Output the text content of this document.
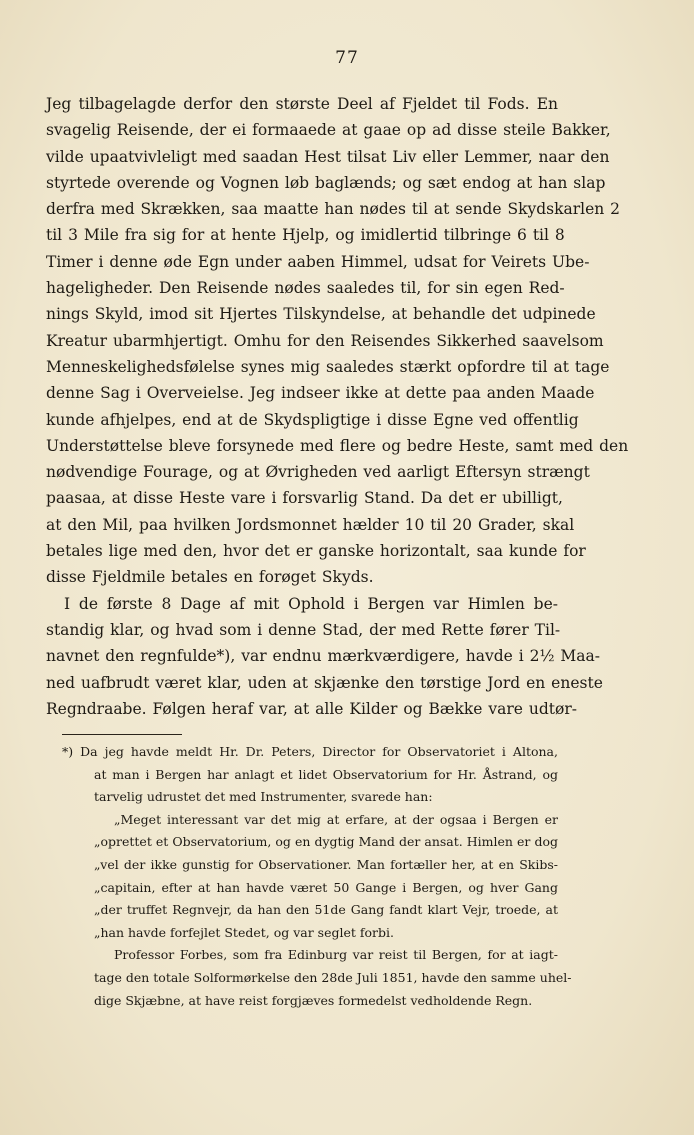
77
Jeg tilbagelagde derfor den største Deel af Fjeldet til Fods. En
svagelig Reisende, der ei formaaede at gaae op ad disse steile Bakker,
vilde upaatvivleligt med saadan Hest tilsat Liv eller Lemmer, naar den
styrtede overende og Vognen løb baglænds; og sæt endog at han slap
derfra med Skrækken, saa maatte han nødes til at sende Skydskarlen 2
til 3 Mile fra sig for at hente Hjelp, og imidlertid tilbringe 6 til 8
Timer i denne øde Egn under aaben Himmel, udsat for Veirets Ube-
hageligheder. Den Reisende nødes saaledes til, for sin egen Red-
nings Skyld, imod sit Hjertes Tilskyndelse, at behandle det udpinede
Kreatur ubarmhjertigt. Omhu for den Reisendes Sikkerhed saavelsom
Menneskelighedsfølelse synes mig saaledes stærkt opfordre til at tage
denne Sag i Overveielse. Jeg indseer ikke at dette paa anden Maade
kunde afhjelpes, end at de Skydspligtige i disse Egne ved offentlig
Understøttelse bleve forsynede med flere og bedre Heste, samt med den
nødvendige Fourage, og at Øvrigheden ved aarligt Eftersyn strængt
paasaa, at disse Heste vare i forsvarlig Stand. Da det er ubilligt,
at den Mil, paa hvilken Jordsmonnet hælder 10 til 20 Grader, skal
betales lige med den, hvor det er ganske horizontalt, saa kunde for
disse Fjeldmile betales en forøget Skyds.
I de første 8 Dage af mit Ophold i Bergen var Himlen be-
standig klar, og hvad som i denne Stad, der med Rette fører Til-
navnet den regnfulde*), var endnu mærkværdigere, havde i 2½ Maa-
ned uafbrudt været klar, uden at skjænke den tørstige Jord en eneste
Regndraabe. Følgen heraf var, at alle Kilder og Bække vare udtør-
*) Da jeg havde meldt Hr. Dr. Peters, Director for Observatoriet i Altona,
at man i Bergen har anlagt et lidet Observatorium for Hr. Åstrand, og
tarvelig udrustet det med Instrumenter, svarede han:
„Meget interessant var det mig at erfare, at der ogsaa i Bergen er
„oprettet et Observatorium, og en dygtig Mand der ansat. Himlen er dog
„vel der ikke gunstig for Observationer. Man fortæller her, at en Skibs-
„capitain, efter at han havde været 50 Gange i Bergen, og hver Gang
„der truffet Regnvejr, da han den 51de Gang fandt klart Vejr, troede, at
„han havde forfejlet Stedet, og var seglet forbi.
Professor Forbes, som fra Edinburg var reist til Bergen, for at iagt-
tage den totale Solformørkelse den 28de Juli 1851, havde den samme uhel-
dige Skjæbne, at have reist forgjæves formedelst vedholdende Regn.
